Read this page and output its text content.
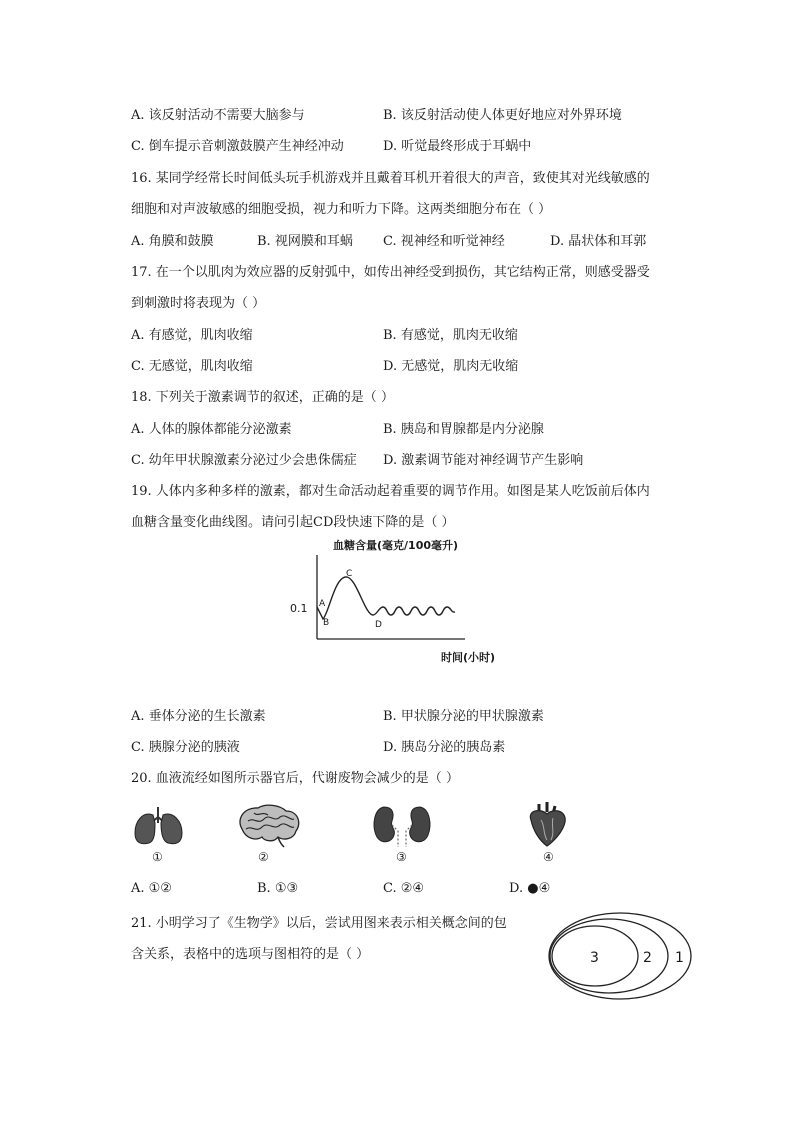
A. 该反射活动不需要大脑参与	B. 该反射活动使人体更好地应对外界环境
C. 倒车提示音刺激鼓膜产生神经冲动	D. 听觉最终形成于耳蜗中
16. 某同学经常长时间低头玩手机游戏并且戴着耳机开着很大的声音，致使其对光线敏感的
细胞和对声波敏感的细胞受损，视力和听力下降。这两类细胞分布在（ ）
A. 角膜和鼓膜	B. 视网膜和耳蜗 C. 视神经和听觉神经	D. 晶状体和耳郭
17. 在一个以肌肉为效应器的反射弧中，如传出神经受到损伤，其它结构正常，则感受器受
到刺激时将表现为（ ）
A. 有感觉，肌肉收缩	B. 有感觉，肌肉无收缩
C. 无感觉，肌肉收缩	D. 无感觉，肌肉无收缩
18. 下列关于激素调节的叙述，正确的是（ ）
A. 人体的腺体都能分泌激素	B. 胰岛和胃腺都是内分泌腺
C. 幼年甲状腺激素分泌过少会患侏儒症 D. 激素调节能对神经调节产生影响
19. 人体内多种多样的激素，都对生命活动起着重要的调节作用。如图是某人吃饭前后体内
血糖含量变化曲线图。请问引起CD段快速下降的是（ ）
血糖含量(毫克/100毫升)
0.1 A
B
C
D
时间(小时)
A. 垂体分泌的生长激素	B. 甲状腺分泌的甲状腺激素
C. 胰腺分泌的胰液	D. 胰岛分泌的胰岛素
20. 血液流经如图所示器官后，代谢废物会减少的是（ ）
①	②	③	④
A. ①②	B. ①③	C. ②④	D. ●④
21. 小明学习了《生物学》以后，尝试用图来表示相关概念间的包
含关系，表格中的选项与图相符的是（ ）	3	2 1
